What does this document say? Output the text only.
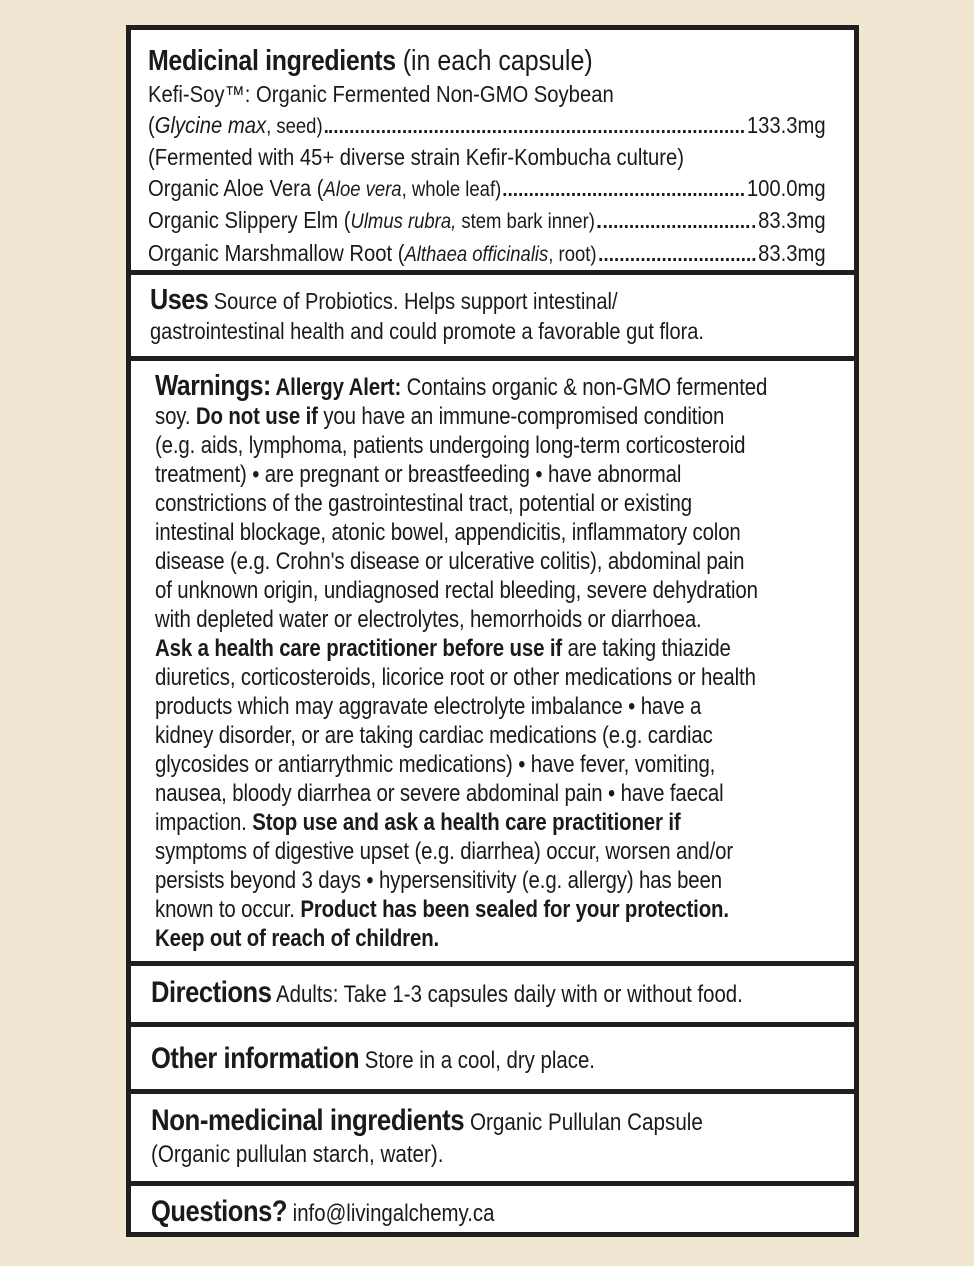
Medicinal ingredients (in each capsule)
Kefi-Soy™: Organic Fermented Non-GMO Soybean
(Glycine max, seed)	133.3mg
(Fermented with 45+ diverse strain Kefir-Kombucha culture)
Organic Aloe Vera (Aloe vera, whole leaf)	100.0mg
Organic Slippery Elm (Ulmus rubra, stem bark inner)	83.3mg
Organic Marshmallow Root (Althaea officinalis, root)	83.3mg
Uses Source of Probiotics. Helps support intestinal/
gastrointestinal health and could promote a favorable gut flora.
Warnings: Allergy Alert: Contains organic & non-GMO fermented
soy. Do not use if you have an immune-compromised condition
(e.g. aids, lymphoma, patients undergoing long-term corticosteroid
treatment) • are pregnant or breastfeeding • have abnormal
constrictions of the gastrointestinal tract, potential or existing
intestinal blockage, atonic bowel, appendicitis, inflammatory colon
disease (e.g. Crohn's disease or ulcerative colitis), abdominal pain
of unknown origin, undiagnosed rectal bleeding, severe dehydration
with depleted water or electrolytes, hemorrhoids or diarrhoea.
Ask a health care practitioner before use if are taking thiazide
diuretics, corticosteroids, licorice root or other medications or health
products which may aggravate electrolyte imbalance • have a
kidney disorder, or are taking cardiac medications (e.g. cardiac
glycosides or antiarrythmic medications) • have fever, vomiting,
nausea, bloody diarrhea or severe abdominal pain • have faecal
impaction. Stop use and ask a health care practitioner if
symptoms of digestive upset (e.g. diarrhea) occur, worsen and/or
persists beyond 3 days • hypersensitivity (e.g. allergy) has been
known to occur. Product has been sealed for your protection.
Keep out of reach of children.
Directions Adults: Take 1-3 capsules daily with or without food.
Other information Store in a cool, dry place.
Non-medicinal ingredients Organic Pullulan Capsule
(Organic pullulan starch, water).
Questions? info@livingalchemy.ca
